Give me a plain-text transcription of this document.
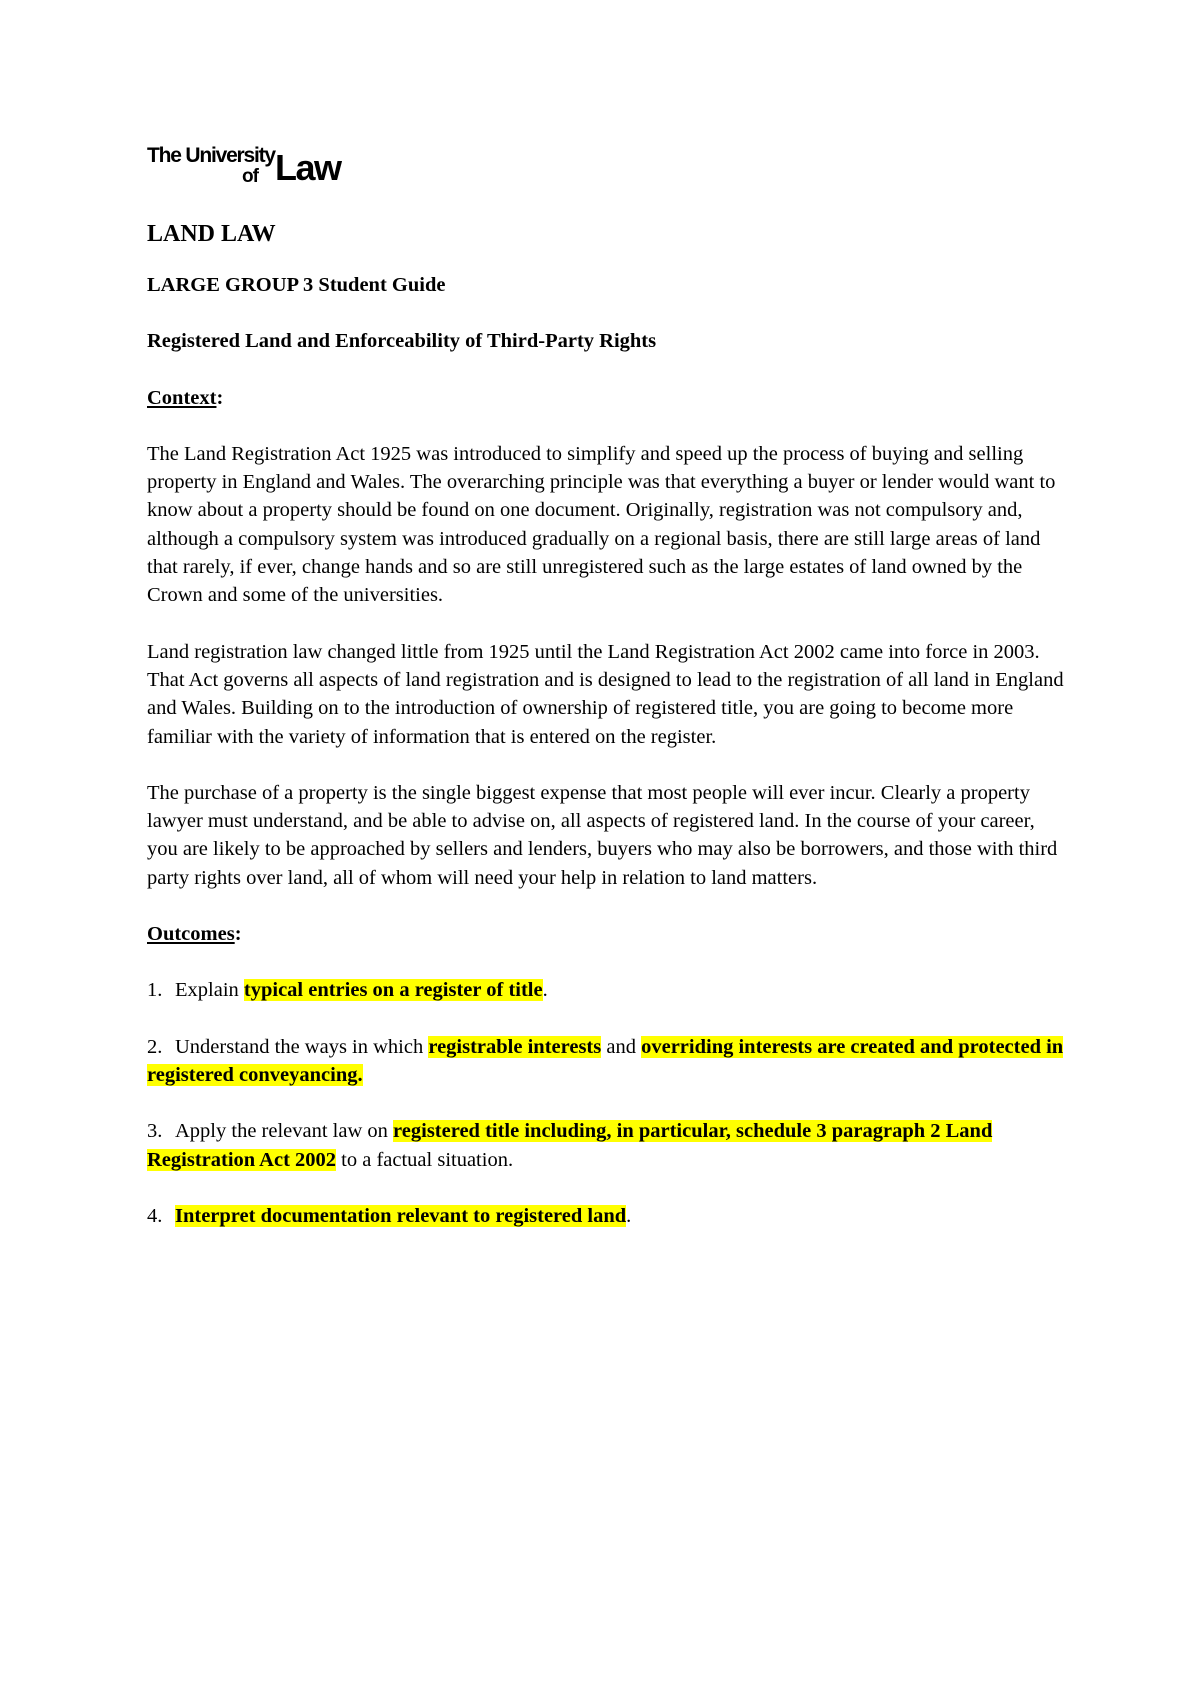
The University
of Law

LAND LAW

LARGE GROUP 3 Student Guide

Registered Land and Enforceability of Third-Party Rights

Context:

The Land Registration Act 1925 was introduced to simplify and speed up the process of buying and selling property in England and Wales. The overarching principle was that everything a buyer or lender would want to know about a property should be found on one document. Originally, registration was not compulsory and, although a compulsory system was introduced gradually on a regional basis, there are still large areas of land that rarely, if ever, change hands and so are still unregistered such as the large estates of land owned by the Crown and some of the universities.

Land registration law changed little from 1925 until the Land Registration Act 2002 came into force in 2003. That Act governs all aspects of land registration and is designed to lead to the registration of all land in England and Wales. Building on to the introduction of ownership of registered title, you are going to become more familiar with the variety of information that is entered on the register.

The purchase of a property is the single biggest expense that most people will ever incur. Clearly a property lawyer must understand, and be able to advise on, all aspects of registered land. In the course of your career, you are likely to be approached by sellers and lenders, buyers who may also be borrowers, and those with third party rights over land, all of whom will need your help in relation to land matters.

Outcomes:

1. Explain typical entries on a register of title.

2. Understand the ways in which registrable interests and overriding interests are created and protected in registered conveyancing.

3. Apply the relevant law on registered title including, in particular, schedule 3 paragraph 2 Land Registration Act 2002 to a factual situation.

4. Interpret documentation relevant to registered land.
